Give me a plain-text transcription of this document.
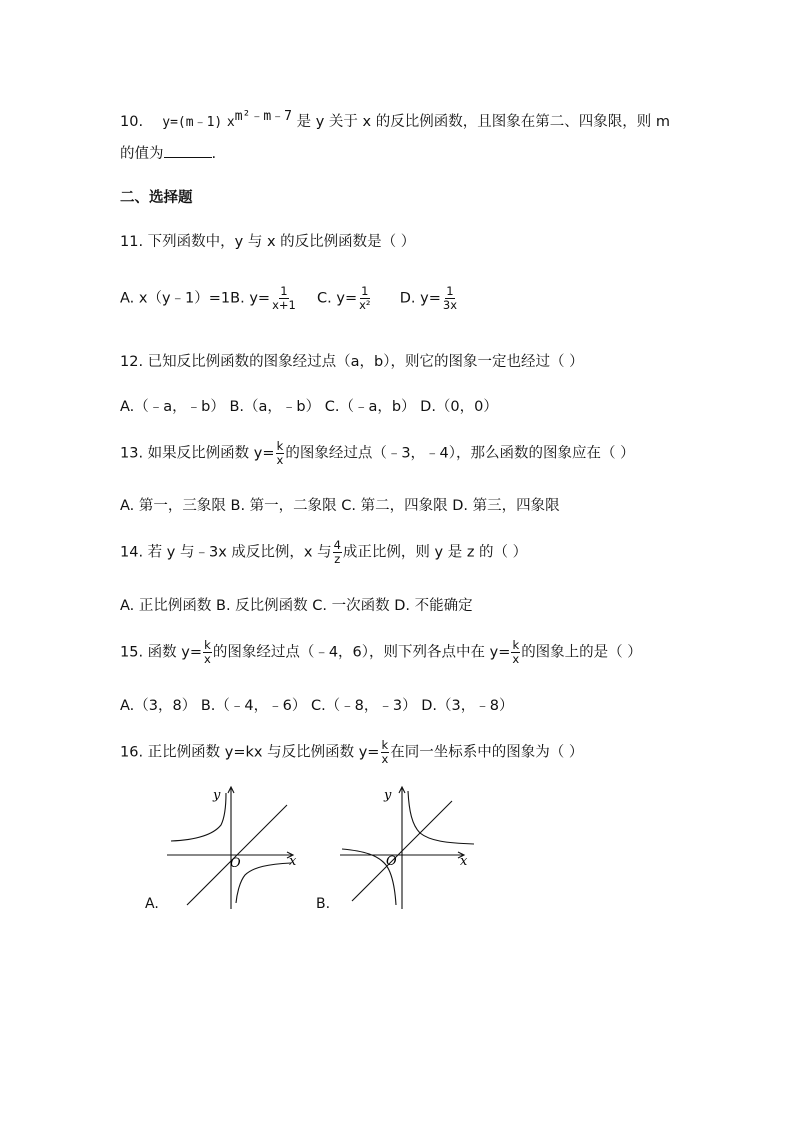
10. y=(m﹣1) $x^{m^2﹣m﹣7}$ 是 y 关于 x 的反比例函数，且图象在第二、四象限，则 m
的值为	.
二、选择题
11. 下列函数中，y 与 x 的反比例函数是（ ）
A. x（y﹣1）=1B. $y= \frac{1}{x+1} C$. $y= \frac{1}{\text{x²}} D$. $y= \frac{1}{3x}$
12. 已知反比例函数的图象经过点（a，b），则它的图象一定也经过（ ）
A.（﹣a，﹣b） B.（a，﹣b） C.（﹣a，b） D.（0，0）
13. 如果反比例函数 $y= \frac{k}{x}$ 的图象经过点（﹣3，﹣4），那么函数的图象应在（ ）
A. 第一，三象限 B. 第一，二象限 C. 第二，四象限 D. 第三，四象限
14. 若 y 与﹣3x 成反比例，x 与 $\frac{4}{z}$ 成正比例，则 y 是 z 的（ ）
A. 正比例函数 B. 反比例函数 C. 一次函数 D. 不能确定
15. 函数 $y= \frac{k}{x}$ 的图象经过点（﹣4，6），则下列各点中在 $y= \frac{k}{x}$ 的图象上的是（ ）
A.（3，8） B.（﹣4，﹣6） C.（﹣8，﹣3） D.（3，﹣8）
16. 正比例函数 y=kx 与反比例函数 $y= \frac{k}{x}$ 在同一坐标系中的图象为（ ）
y
x
O
A.
y
x
O
B.
